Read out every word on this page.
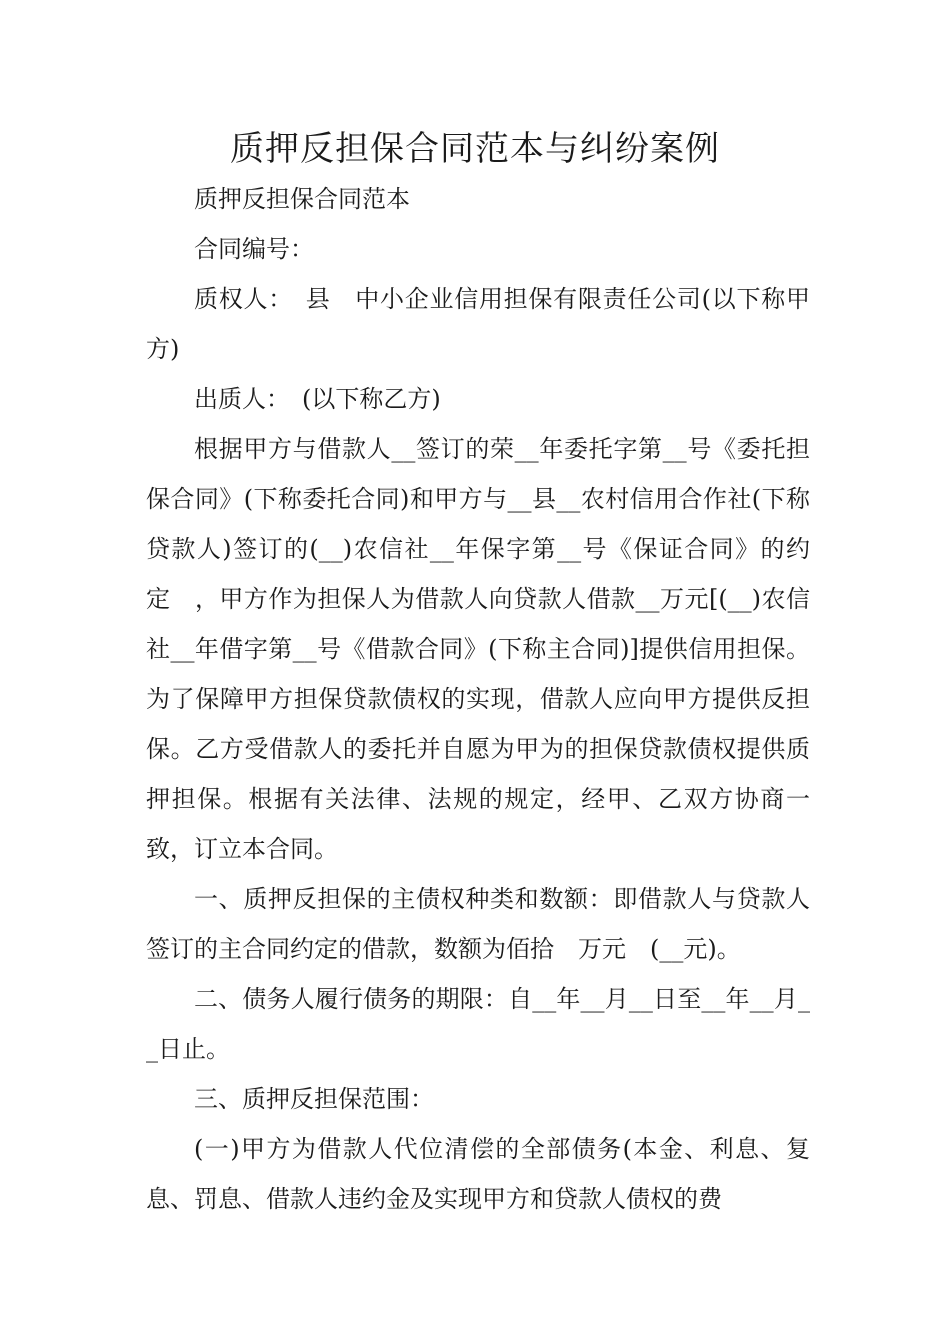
质押反担保合同范本与纠纷案例

质押反担保合同范本

合同编号：

质权人：　县　中小企业信用担保有限责任公司(以下称甲方)

出质人：　(以下称乙方)

根据甲方与借款人__签订的荣__年委托字第__号《委托担保合同》(下称委托合同)和甲方与__县__农村信用合作社(下称贷款人)签订的(__)农信社__年保字第__号《保证合同》的约定　，甲方作为担保人为借款人向贷款人借款__万元[(__)农信社__年借字第__号《借款合同》(下称主合同)]提供信用担保。为了保障甲方担保贷款债权的实现，借款人应向甲方提供反担保。乙方受借款人的委托并自愿为甲为的担保贷款债权提供质押担保。根据有关法律、法规的规定，经甲、乙双方协商一致，订立本合同。

一、质押反担保的主债权种类和数额：即借款人与贷款人签订的主合同约定的借款，数额为佰拾　万元　(__元)。

二、债务人履行债务的期限：自__年__月__日至__年__月__日止。

三、质押反担保范围：

(一)甲方为借款人代位清偿的全部债务(本金、利息、复息、罚息、借款人违约金及实现甲方和贷款人债权的费
